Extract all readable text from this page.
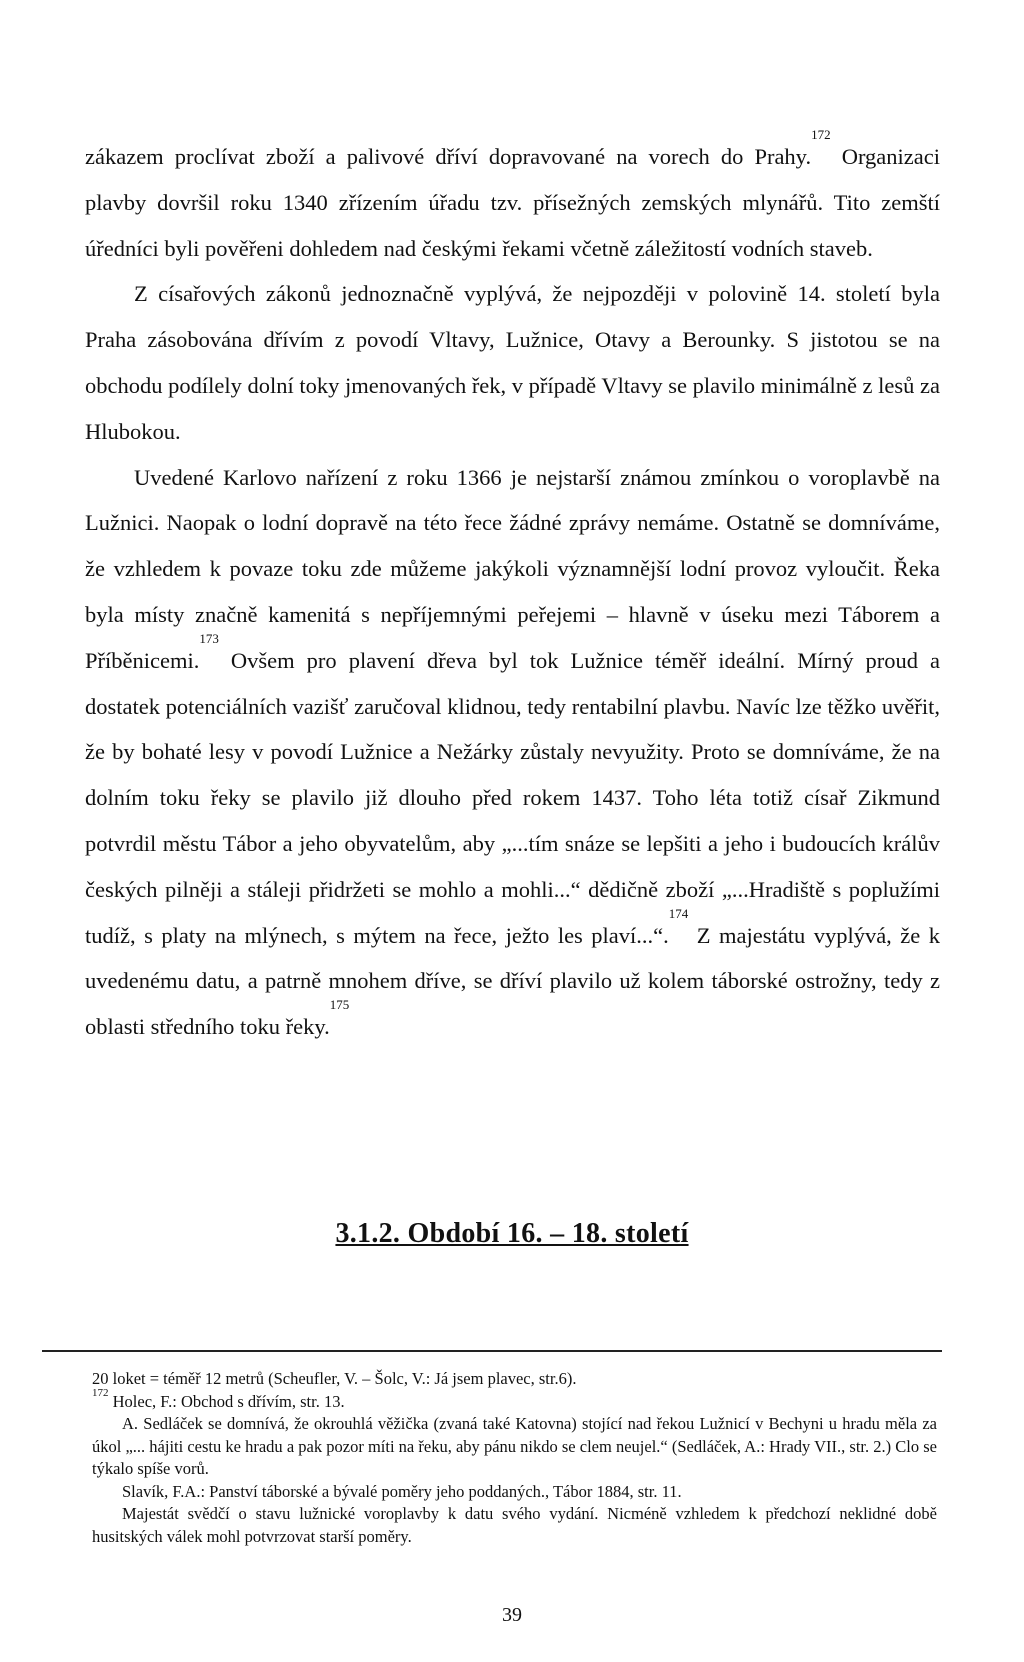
zákazem proclívat zboží a palivové dříví dopravované na vorech do Prahy.$^{172}$ Organizaci plavby dovršil roku 1340 zřízením úřadu tzv. přísežných zemských mlynářů. Tito zemští úředníci byli pověřeni dohledem nad českými řekami včetně záležitostí vodních staveb.

Z císařových zákonů jednoznačně vyplývá, že nejpozději v polovině 14. století byla Praha zásobována dřívím z povodí Vltavy, Lužnice, Otavy a Berounky. S jistotou se na obchodu podílely dolní toky jmenovaných řek, v případě Vltavy se plavilo minimálně z lesů za Hlubokou.

Uvedené Karlovo nařízení z roku 1366 je nejstarší známou zmínkou o voroplavbě na Lužnici. Naopak o lodní dopravě na této řece žádné zprávy nemáme. Ostatně se domníváme, že vzhledem k povaze toku zde můžeme jakýkoli významnější lodní provoz vyloučit. Řeka byla místy značně kamenitá s nepříjemnými peřejemi – hlavně v úseku mezi Táborem a Příběnicemi.$^{173}$ Ovšem pro plavení dřeva byl tok Lužnice téměř ideální. Mírný proud a dostatek potenciálních vazišť zaručoval klidnou, tedy rentabilní plavbu. Navíc lze těžko uvěřit, že by bohaté lesy v povodí Lužnice a Nežárky zůstaly nevyužity. Proto se domníváme, že na dolním toku řeky se plavilo již dlouho před rokem 1437. Toho léta totiž císař Zikmund potvrdil městu Tábor a jeho obyvatelům, aby „...tím snáze se lepšiti a jeho i budoucích králův českých pilněji a stáleji přidržeti se mohlo a mohli...“ dědičně zboží „...Hradiště s poplužími tudíž, s platy na mlýnech, s mýtem na řece, ježto les plaví...“.$^{174}$ Z majestátu vyplývá, že k uvedenému datu, a patrně mnohem dříve, se dříví plavilo už kolem táborské ostrožny, tedy z oblasti středního toku řeky.$^{175}$

3.1.2. Období 16. – 18. století

20 loket = téměř 12 metrů (Scheufler, V. – Šolc, V.: Já jsem plavec, str.6).

$^{172}$ Holec, F.: Obchod s dřívím, str. 13.

A. Sedláček se domnívá, že okrouhlá věžička (zvaná také Katovna) stojící nad řekou Lužnicí v Bechyni u hradu měla za úkol „... hájiti cestu ke hradu a pak pozor míti na řeku, aby pánu nikdo se clem neujel.“ (Sedláček, A.: Hrady VII., str. 2.) Clo se týkalo spíše vorů.

Slavík, F.A.: Panství táborské a bývalé poměry jeho poddaných., Tábor 1884, str. 11.

Majestát svědčí o stavu lužnické voroplavby k datu svého vydání. Nicméně vzhledem k předchozí neklidné době husitských válek mohl potvrzovat starší poměry.

39
